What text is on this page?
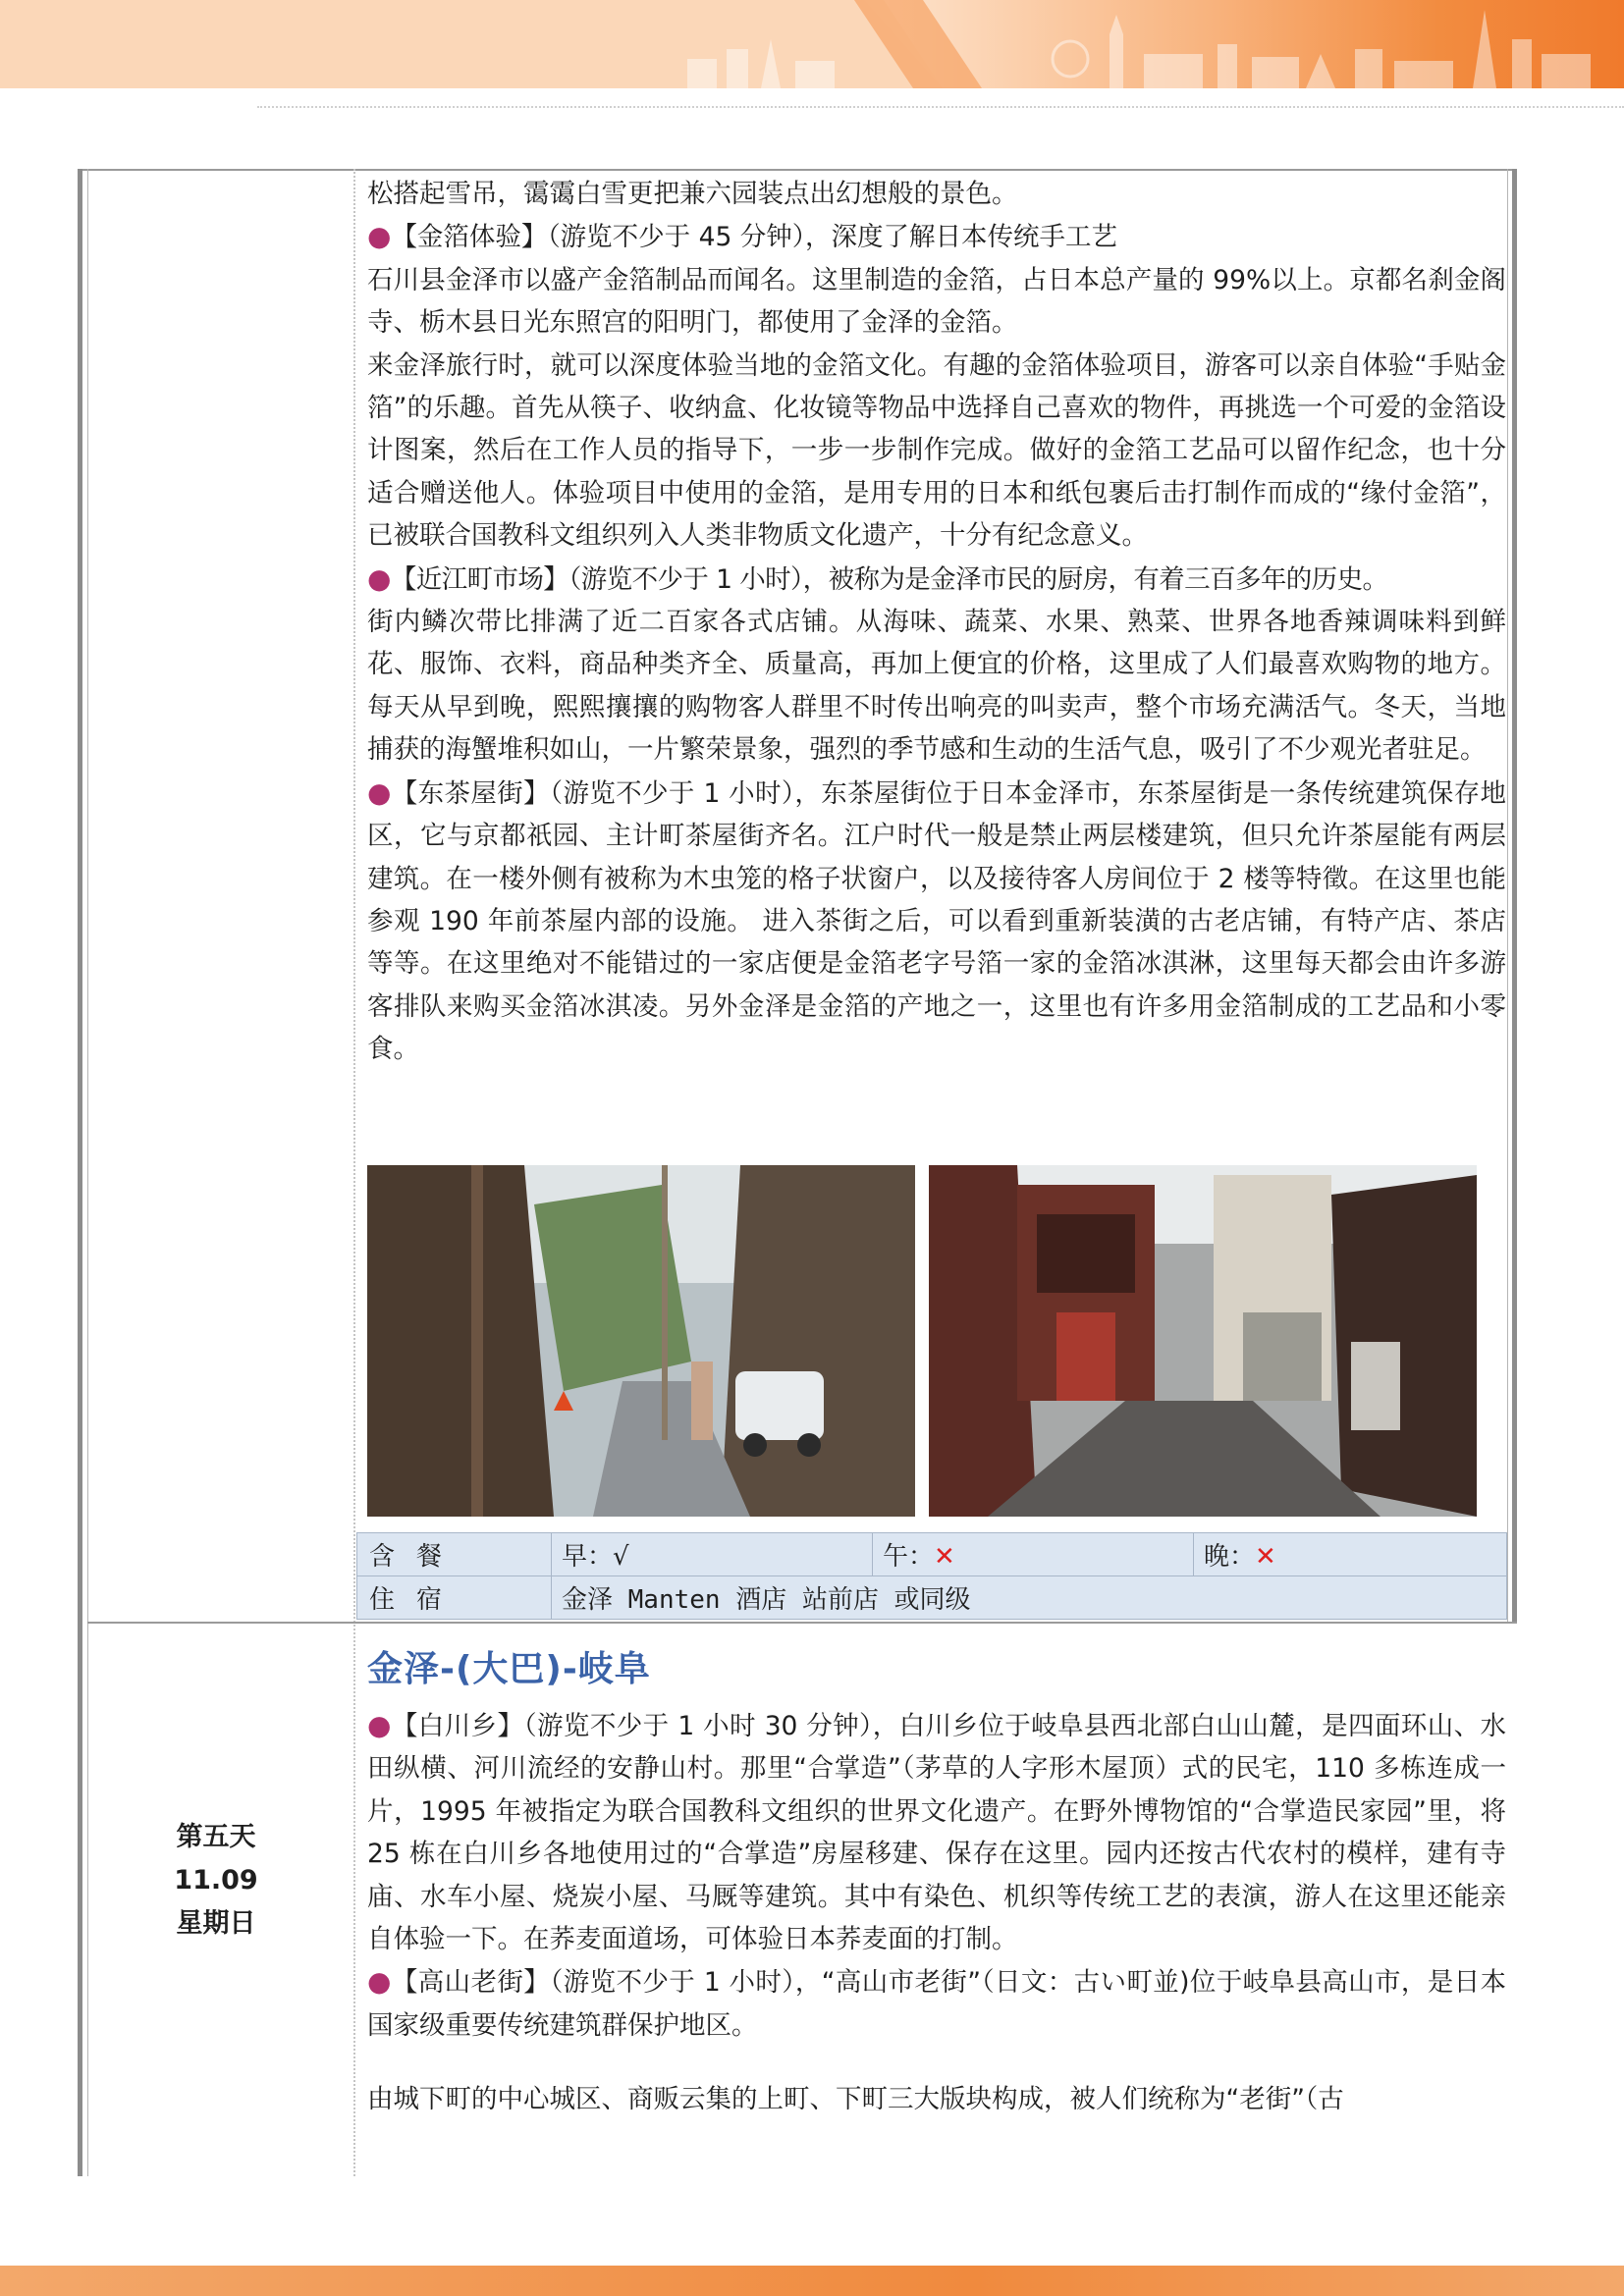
松搭起雪吊，霭霭白雪更把兼六园装点出幻想般的景色。

●【金箔体验】（游览不少于 45 分钟），深度了解日本传统手工艺

石川县金泽市以盛产金箔制品而闻名。这里制造的金箔，占日本总产量的 99%以上。京都名刹金阁寺、栃木县日光东照宫的阳明门，都使用了金泽的金箔。

来金泽旅行时，就可以深度体验当地的金箔文化。有趣的金箔体验项目，游客可以亲自体验“手贴金箔”的乐趣。首先从筷子、收纳盒、化妆镜等物品中选择自己喜欢的物件，再挑选一个可爱的金箔设计图案，然后在工作人员的指导下，一步一步制作完成。做好的金箔工艺品可以留作纪念，也十分适合赠送他人。体验项目中使用的金箔，是用专用的日本和纸包裹后击打制作而成的“缘付金箔”，已被联合国教科文组织列入人类非物质文化遗产，十分有纪念意义。

●【近江町市场】（游览不少于 1 小时），被称为是金泽市民的厨房，有着三百多年的历史。

街内鳞次带比排满了近二百家各式店铺。从海味、蔬菜、水果、熟菜、世界各地香辣调味料到鲜花、服饰、衣料，商品种类齐全、质量高，再加上便宜的价格，这里成了人们最喜欢购物的地方。每天从早到晚，熙熙攘攘的购物客人群里不时传出响亮的叫卖声，整个市场充满活气。冬天，当地捕获的海蟹堆积如山，一片繁荣景象，强烈的季节感和生动的生活气息，吸引了不少观光者驻足。

●【东茶屋街】（游览不少于 1 小时），东茶屋街位于日本金泽市，东茶屋街是一条传统建筑保存地区，它与京都祇园、主计町茶屋街齐名。江户时代一般是禁止两层楼建筑，但只允许茶屋能有两层建筑。在一楼外侧有被称为木虫笼的格子状窗户，以及接待客人房间位于 2 楼等特徵。在这里也能参观 190 年前茶屋内部的设施。 进入茶街之后，可以看到重新装潢的古老店铺，有特产店、茶店等等。在这里绝对不能错过的一家店便是金箔老字号箔一家的金箔冰淇淋，这里每天都会由许多游客排队来购买金箔冰淇凌。另外金泽是金箔的产地之一，这里也有许多用金箔制成的工艺品和小零食。

含餐	早：√	午：✕	晚：✕
住宿	金泽 Manten 酒店 站前店 或同级		
第五天
11.09
星期日
金泽-(大巴)-岐阜

●【白川乡】（游览不少于 1 小时 30 分钟），白川乡位于岐阜县西北部白山山麓，是四面环山、水田纵横、河川流经的安静山村。那里“合掌造”（茅草的人字形木屋顶）式的民宅，110 多栋连成一片，1995 年被指定为联合国教科文组织的世界文化遗产。在野外博物馆的“合掌造民家园”里，将 25 栋在白川乡各地使用过的“合掌造”房屋移建、保存在这里。园内还按古代农村的模样，建有寺庙、水车小屋、烧炭小屋、马厩等建筑。其中有染色、机织等传统工艺的表演，游人在这里还能亲自体验一下。在荞麦面道场，可体验日本荞麦面的打制。

●【高山老街】（游览不少于 1 小时），“高山市老街”（日文：古い町並)位于岐阜县高山市，是日本国家级重要传统建筑群保护地区。

由城下町的中心城区、商贩云集的上町、下町三大版块构成，被人们统称为“老街”（古
